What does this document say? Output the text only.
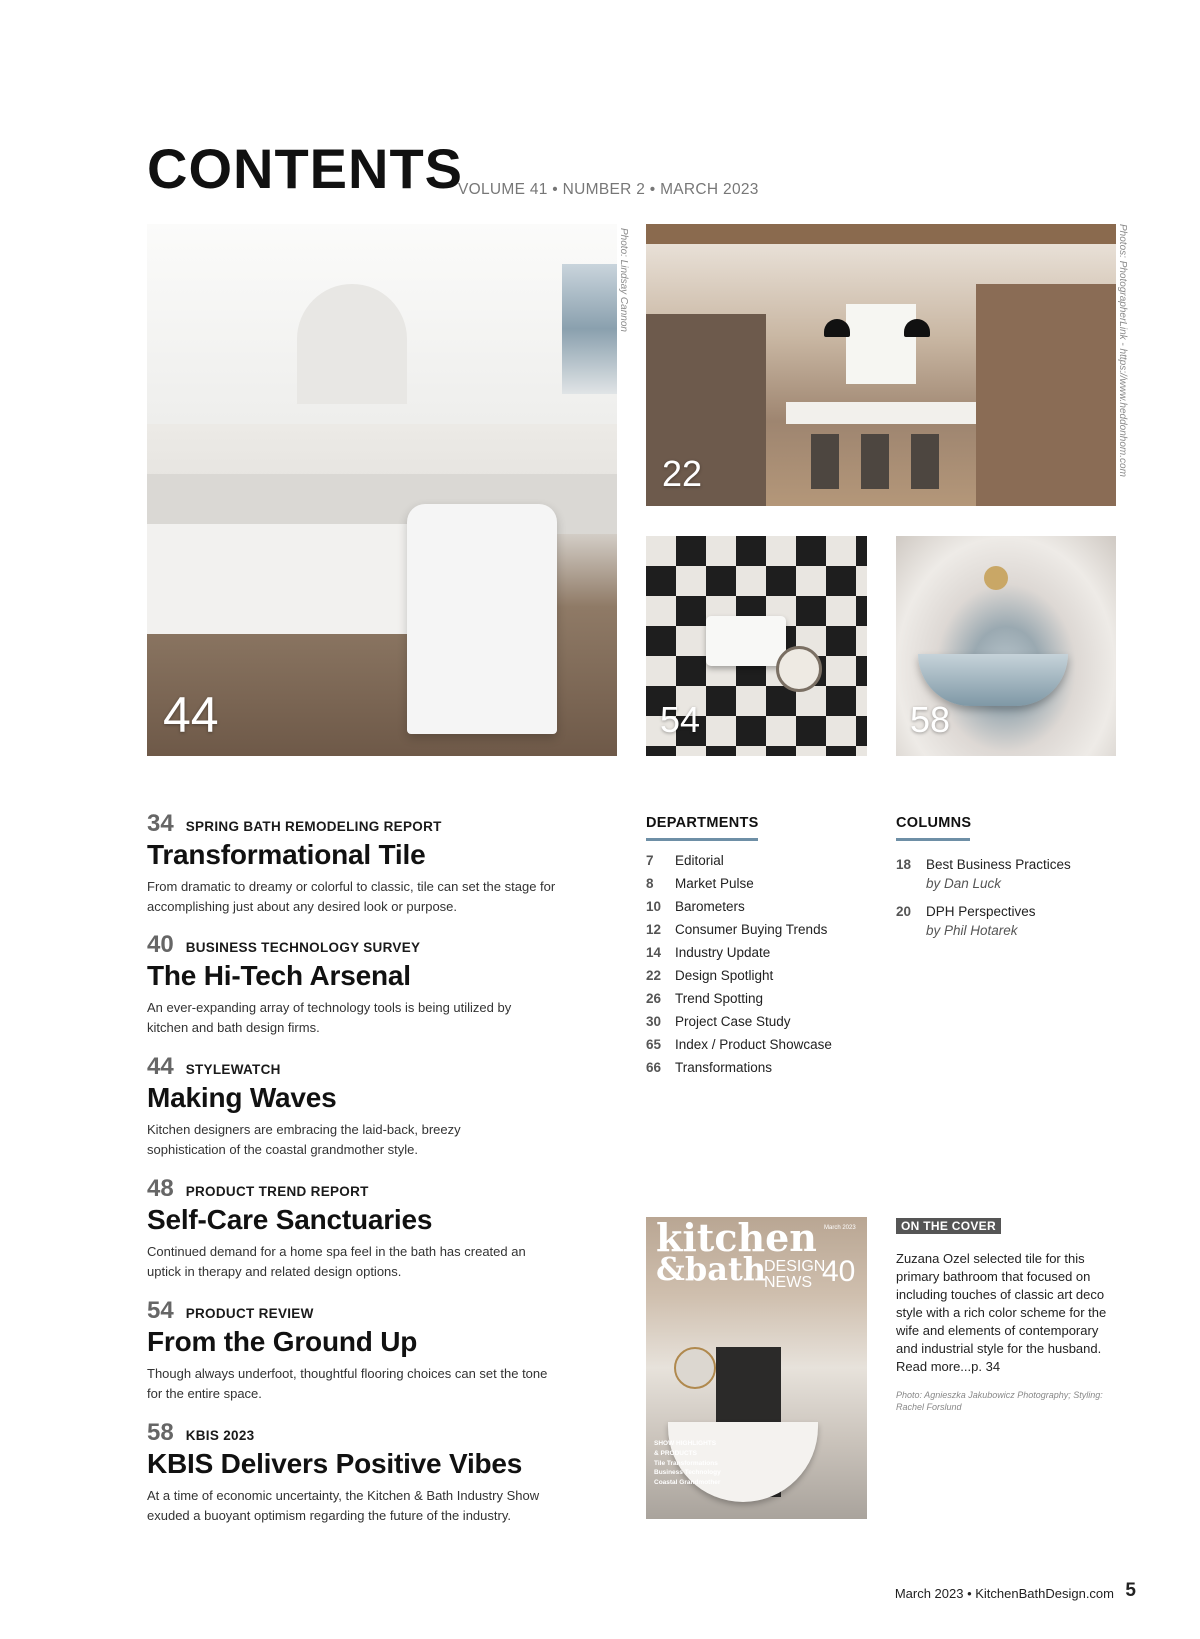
CONTENTS
VOLUME 41 • NUMBER 2 • MARCH 2023
44
Photo: Lindsay Cannon
22	Photos: PhotographerLink - https://www.heddonhom.com
54	58
34 SPRING BATH REMODELING REPORT
Transformational Tile
From dramatic to dreamy or colorful to classic, tile can set the stage for accomplishing just about any desired look or purpose.
40 BUSINESS TECHNOLOGY SURVEY
The Hi-Tech Arsenal
An ever-expanding array of technology tools is being utilized by kitchen and bath design firms.
44 STYLEWATCH
Making Waves
Kitchen designers are embracing the laid-back, breezy sophistication of the coastal grandmother style.
48 PRODUCT TREND REPORT
Self-Care Sanctuaries
Continued demand for a home spa feel in the bath has created an uptick in therapy and related design options.
54 PRODUCT REVIEW
From the Ground Up
Though always underfoot, thoughtful flooring choices can set the tone for the entire space.
58 KBIS 2023
KBIS Delivers Positive Vibes
At a time of economic uncertainty, the Kitchen & Bath Industry Show exuded a buoyant optimism regarding the future of the industry.
DEPARTMENTS
7	Editorial
8	Market Pulse
10	Barometers
12	Consumer Buying Trends
14	Industry Update
22	Design Spotlight
26	Trend Spotting
30	Project Case Study
65	Index / Product Showcase
66	Transformations
COLUMNS
18 Best Business Practices
by Dan Luck
20 DPH Perspectives
by Phil Hotarek
kitchen
&bath
DESIGN
NEWS 40
March 2023
SHOW HIGHLIGHTS
& PRODUCTS
Tile Transformations
Business Technology
Coastal Grandmother
ON THE COVER
Zuzana Ozel selected tile for this primary bathroom that focused on including touches of classic art deco style with a rich color scheme for the wife and elements of contemporary and industrial style for the husband. Read more...p. 34
Photo: Agnieszka Jakubowicz Photography; Styling: Rachel Forslund
March 2023 • KitchenBathDesign.com 5
